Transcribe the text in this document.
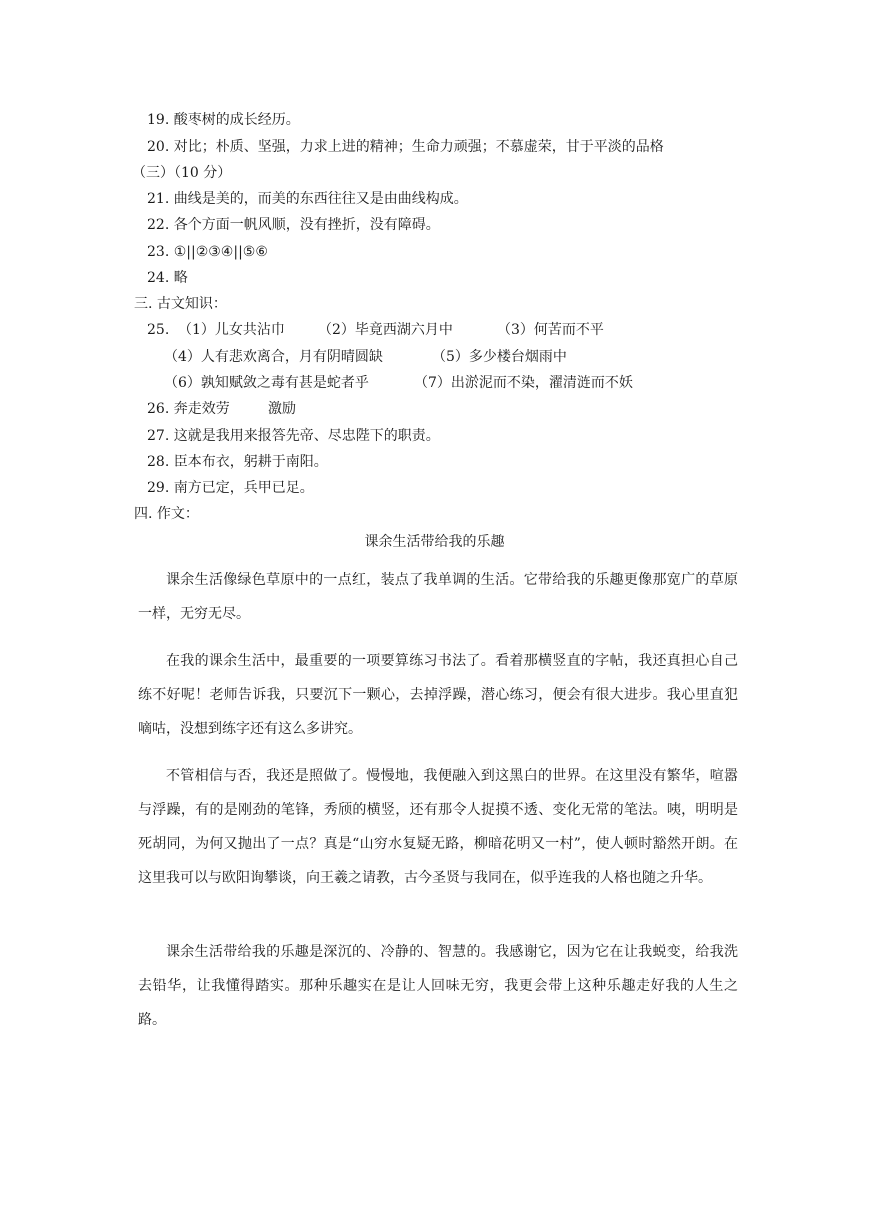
19. 酸枣树的成长经历。
20. 对比；朴质、坚强，力求上进的精神；生命力顽强；不慕虚荣，甘于平淡的品格
（三）（10 分）
21. 曲线是美的，而美的东西往往又是由曲线构成。
22. 各个方面一帆风顺，没有挫折，没有障碍。
23. ①||②③④||⑤⑥
24. 略
三. 古文知识：
25. （1）儿女共沾巾 （2）毕竟西湖六月中	（3）何苦而不平
（4）人有悲欢离合，月有阴晴圆缺	（5）多少楼台烟雨中
（6）孰知赋敛之毒有甚是蛇者乎	（7）出淤泥而不染，濯清涟而不妖
26. 奔走效劳	激励
27. 这就是我用来报答先帝、尽忠陛下的职责。
28. 臣本布衣，躬耕于南阳。
29. 南方已定，兵甲已足。
四. 作文：
课余生活带给我的乐趣

课余生活像绿色草原中的一点红，装点了我单调的生活。它带给我的乐趣更像那宽广的草原一样，无穷无尽。

在我的课余生活中，最重要的一项要算练习书法了。看着那横竖直的字帖，我还真担心自己练不好呢！老师告诉我，只要沉下一颗心，去掉浮躁，潜心练习，便会有很大进步。我心里直犯嘀咕，没想到练字还有这么多讲究。

不管相信与否，我还是照做了。慢慢地，我便融入到这黑白的世界。在这里没有繁华，喧嚣与浮躁，有的是刚劲的笔锋，秀颀的横竖，还有那令人捉摸不透、变化无常的笔法。咦，明明是死胡同，为何又抛出了一点？真是“山穷水复疑无路，柳暗花明又一村”，使人顿时豁然开朗。在这里我可以与欧阳询攀谈，向王羲之请教，古今圣贤与我同在，似乎连我的人格也随之升华。

课余生活带给我的乐趣是深沉的、冷静的、智慧的。我感谢它，因为它在让我蜕变，给我洗去铅华，让我懂得踏实。那种乐趣实在是让人回味无穷，我更会带上这种乐趣走好我的人生之路。
